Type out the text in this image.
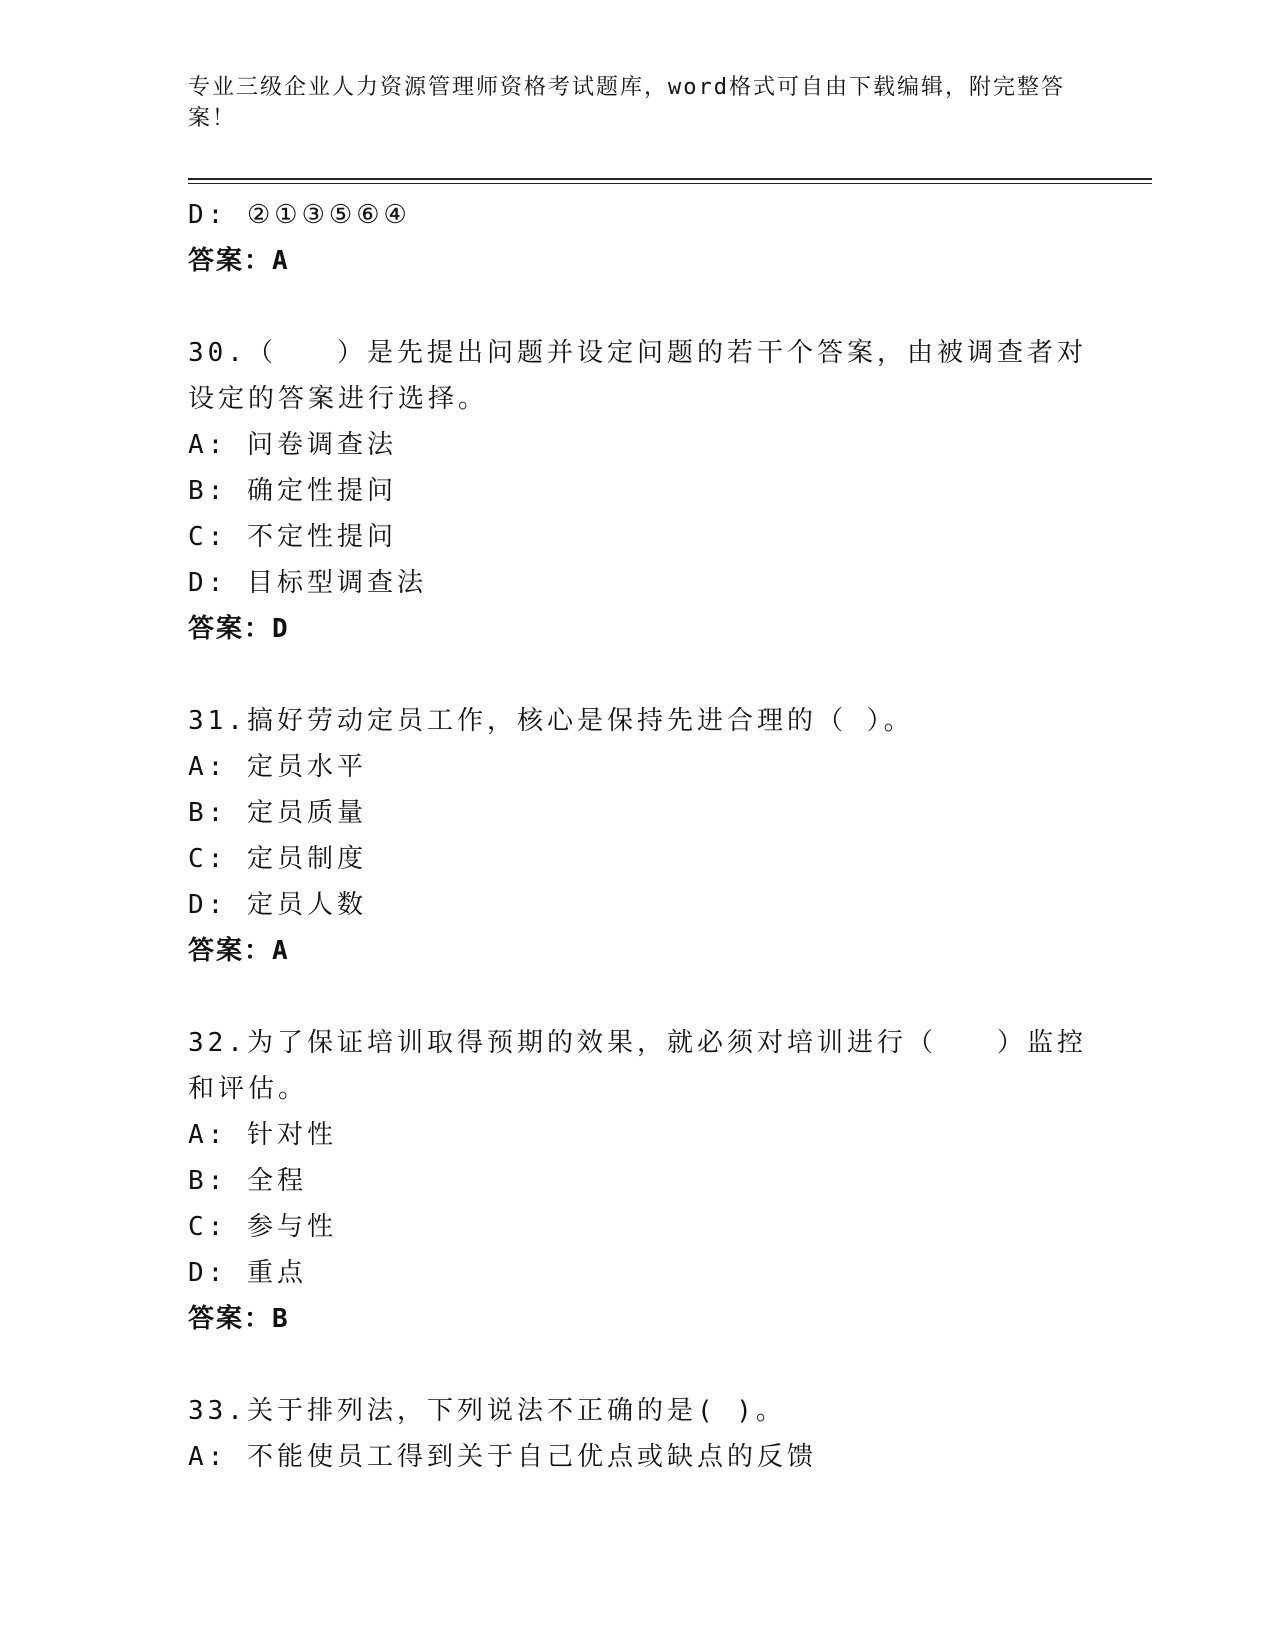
专业三级企业人力资源管理师资格考试题库，word格式可自由下载编辑，附完整答案！
D: ②①③⑤⑥④
答案：A
30.（　　）是先提出问题并设定问题的若干个答案，由被调查者对设定的答案进行选择。
A: 问卷调查法
B: 确定性提问
C: 不定性提问
D: 目标型调查法
答案：D
31.搞好劳动定员工作，核心是保持先进合理的（ ）。
A: 定员水平
B: 定员质量
C: 定员制度
D: 定员人数
答案：A
32.为了保证培训取得预期的效果，就必须对培训进行（　　）监控和评估。
A: 针对性
B: 全程
C: 参与性
D: 重点
答案：B
33.关于排列法，下列说法不正确的是( )。
A: 不能使员工得到关于自己优点或缺点的反馈
